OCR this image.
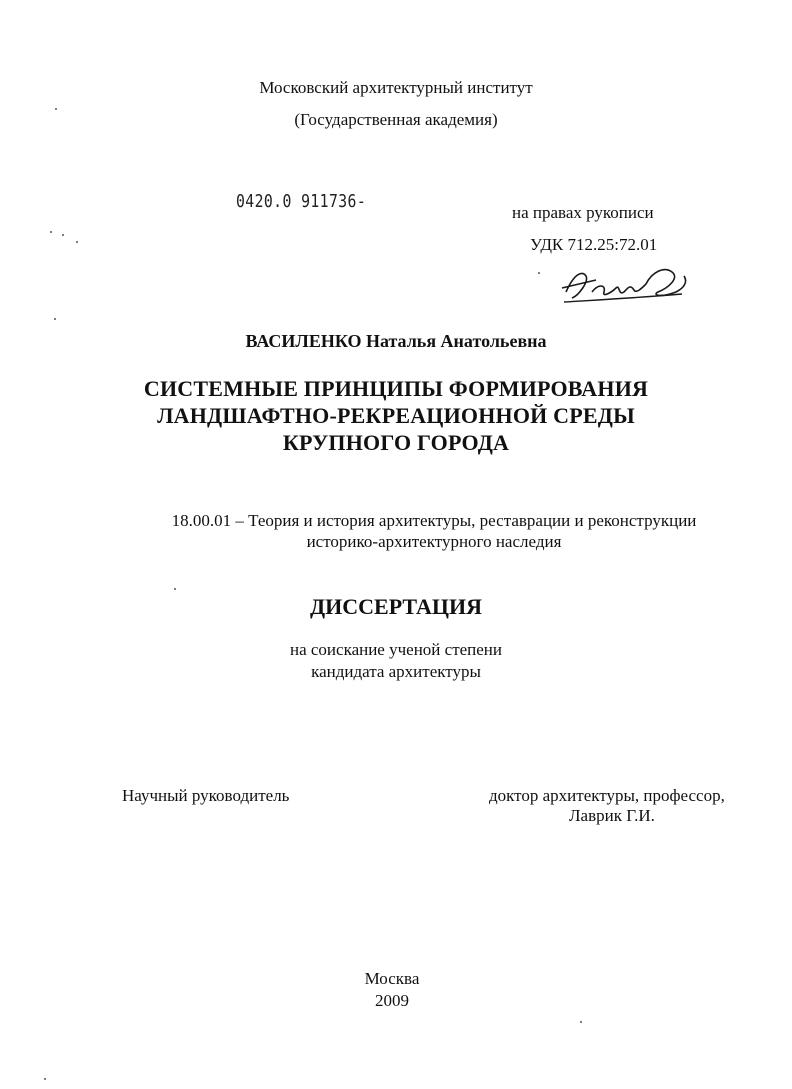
Московский архитектурный институт
(Государственная академия)
0420.0 911736-
на правах рукописи
УДК 712.25:72.01
ВАСИЛЕНКО Наталья Анатольевна
СИСТЕМНЫЕ ПРИНЦИПЫ ФОРМИРОВАНИЯ
ЛАНДШАФТНО-РЕКРЕАЦИОННОЙ СРЕДЫ
КРУПНОГО ГОРОДА
18.00.01 – Теория и история архитектуры, реставрации и реконструкции
историко-архитектурного наследия
ДИССЕРТАЦИЯ
на соискание ученой степени
кандидата архитектуры
Научный руководитель	доктор архитектуры, профессор,
Лаврик Г.И.
Москва
2009
